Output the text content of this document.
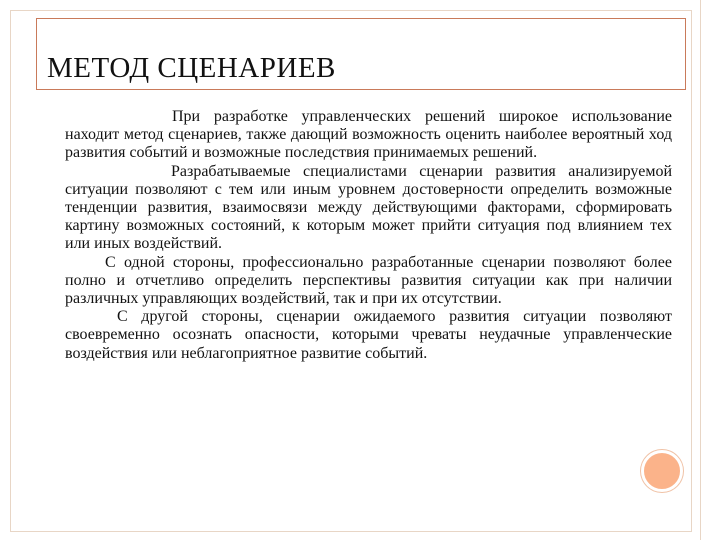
МЕТОД СЦЕНАРИЕВ

При разработке управленческих решений широкое использование находит метод сценариев, также дающий возможность оценить наиболее вероятный ход развития событий и возможные последствия принимаемых решений.

Разрабатываемые специалистами сценарии развития анализируемой ситуации позволяют с тем или иным уровнем достоверности определить возможные тенденции развития, взаимосвязи между действующими факторами, сформировать картину возможных состояний, к которым может прийти ситуация под влиянием тех или иных воздействий.

С одной стороны, профессионально разработанные сценарии позволяют более полно и отчетливо определить перспективы развития ситуации как при наличии различных управляющих воздействий, так и при их отсутствии.

С другой стороны, сценарии ожидаемого развития ситуации позволяют своевременно осознать опасности, которыми чреваты неудачные управленческие воздействия или неблагоприятное развитие событий.
